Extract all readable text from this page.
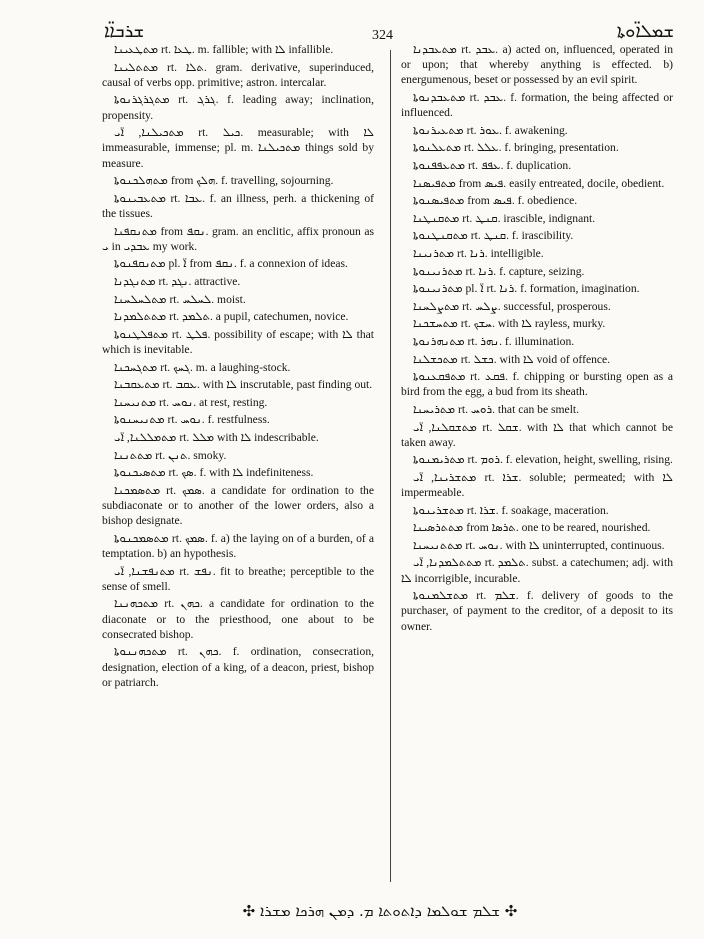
ܫܪܒܐ̈ܐ	324	ܫܡܠܐ̈ܘܬܐ

ܡܬܛܥܝܢܐ rt. ܛܥܐ. m. fallible; with ܠܐ infallible.

ܡܬܬܠܝܢܐ rt. ܬܠܐ. gram. derivative, superinduced, causal of verbs opp. primitive; astron. intercalar.

ܡܬܓܪܓܪܢܘܬܐ rt. ܓܪܓ. f. leading away; inclination, propensity.

ܡܬܟܝܠܢܐ, ܐ̈ܝ rt. ܟܝܠ. measurable; with ܠܐ immeasurable, immense; pl. m. ܡܬܟܝܠܢܐ things sold by measure.

ܡܬܗܠܟܢܘܬܐ from ܗܠܟ. f. travelling, sojourning.

ܡܬܥܒܝܢܘܬܐ rt. ܥܒܐ. f. an illness, perh. a thickening of the tissues.

ܡܬܢܩܦܢܐ from ܢܩܦ. gram. an enclitic, affix pronoun as ܝ in ܥܒܕܝ my work.

ܡܬܢܩܦܢܘܬܐ pl. ܐ̈ from ܢܩܦ. f. a connexion of ideas.

ܡܬܢܓܕܢܐ rt. ܢܓܕ. attractive.

ܡܬܠܚܠܚܢܐ rt. ܠܚܠܚ. moist.

ܡܬܬܠܡܕܢܐ rt. ܬܠܡܕ. a pupil, catechumen, novice.

ܡܬܦܠܛܢܘܬܐ rt. ܦܠܛ. possibility of escape; with ܠܐ that which is inevitable.

ܡܬܓܚܟܢܐ rt. ܓܚܟ. m. a laughing-stock.

ܡܬܥܩܒܢܐ rt. ܥܩܒ. with ܠܐ inscrutable, past finding out.

ܡܬܢܝܚܢܐ rt. ܢܘܚ. at rest, resting.

ܡܬܢܝܚܢܘܬܐ rt. ܢܘܚ. f. restfulness.

ܡܬܡܠܠܢܐ, ܐ̈ܝ rt. ܡܠܠ with ܠܐ indescribable.

ܡܬܬܢܢܐ rt. ܬܢܢ. smoky.

ܡܬܣܝܟܢܘܬܐ rt. ܣܟ. f. with ܠܐ indefiniteness.

ܡܬܣܡܟܢܐ rt. ܣܡܟ. a candidate for ordination to the subdiaconate or to another of the lower orders, also a bishop designate.

ܡܬܣܡܟܢܘܬܐ rt. ܣܡܟ. f. a) the laying on of a burden, of a temptation. b) an hypothesis.

ܡܬܢܦܫܢܐ, ܐ̈ܝ rt. ܢܦܫ. fit to breathe; perceptible to the sense of smell.

ܡܬܟܗܢܢܐ rt. ܟܗܢ. a candidate for ordination to the diaconate or to the priesthood, one about to be consecrated bishop.

ܡܬܟܗܢܢܘܬܐ rt. ܟܗܢ. f. ordination, consecration, designation, election of a king, of a deacon, priest, bishop or patriarch.

ܡܬܥܒܕܢܐ rt. ܥܒܕ. a) acted on, influenced, operated in or upon; that whereby anything is effected. b) energumenous, beset or possessed by an evil spirit.

ܡܬܥܒܕܢܘܬܐ rt. ܥܒܕ. f. formation, the being affected or influenced.

ܡܬܥܝܪܢܘܬܐ rt. ܥܘܪ. f. awakening.

ܡܬܥܠܢܘܬܐ rt. ܥܠܠ. f. bringing, presentation.

ܡܬܥܦܦܢܘܬܐ rt. ܥܦܦ. f. duplication.

ܡܬܦܝܣܢܐ from ܦܝܣ. easily entreated, docile, obedient.

ܡܬܦܝܣܢܘܬܐ from ܦܝܣ. f. obedience.

ܡܬܩܢܛܢܐ rt. ܩܢܛ. irascible, indignant.

ܡܬܩܢܛܢܘܬܐ rt. ܩܢܛ. f. irascibility.

ܡܬܪܢܝܢܐ rt. ܪܢܐ. intelligible.

ܡܬܪܢܝܢܘܬܐ rt. ܪܢܐ. f. capture, seizing.

ܡܬܪܢܝܢܘܬܐ pl. ܐ̈ rt. ܪܢܐ. f. formation, imagination.

ܡܬܨܠܚܢܐ rt. ܨܠܚ. successful, prosperous.

ܡܬܚܫܟܢܐ rt. ܚܫܟ. with ܠܐ rayless, murky.

ܡܬܢܗܪܢܘܬܐ rt. ܢܗܪ. f. illumination.

ܡܬܟܫܠܢܐ rt. ܟܫܠ. with ܠܐ void of offence.

ܡܬܦܩܥܢܘܬܐ rt. ܦܩܥ. f. chipping or bursting open as a bird from the egg, a bud from its sheath.

ܡܬܪܝܚܢܐ rt. ܪܘܚ. that can be smelt.

ܡܬܫܩܠܢܐ, ܐ̈ܝ rt. ܫܩܠ. with ܠܐ that which cannot be taken away.

ܡܬܪܝܡܢܘܬܐ rt. ܪܘܡ. f. elevation, height, swelling, rising.

ܡܬܫܪܝܢܐ, ܐ̈ܝ rt. ܫܪܐ. soluble; permeated; with ܠܐ impermeable.

ܡܬܫܪܝܢܘܬܐ rt. ܫܪܐ. f. soakage, maceration.

ܡܬܬܪܣܝܢܐ from ܬܪܣܐ. one to be reared, nourished.

ܡܬܬܢܝܚܢܐ rt. ܢܘܚ. with ܠܐ uninterrupted, continuous.

ܡܬܬܠܡܕܢܐ, ܐ̈ܝ rt. ܬܠܡܕ. subst. a catechumen; adj. with ܠܐ incorrigible, incurable.

ܡܬܫܠܡܢܘܬܐ rt. ܫܠܡ. f. delivery of goods to the purchaser, of payment to the creditor, of a deposit to its owner.

✣ ܫܠܡ ܫܘܠܡܐ ܕܐܬܘܬܐ ܡ. ܕܡܢ ܗܪܟܐ ܡܫܪܐ ✣
